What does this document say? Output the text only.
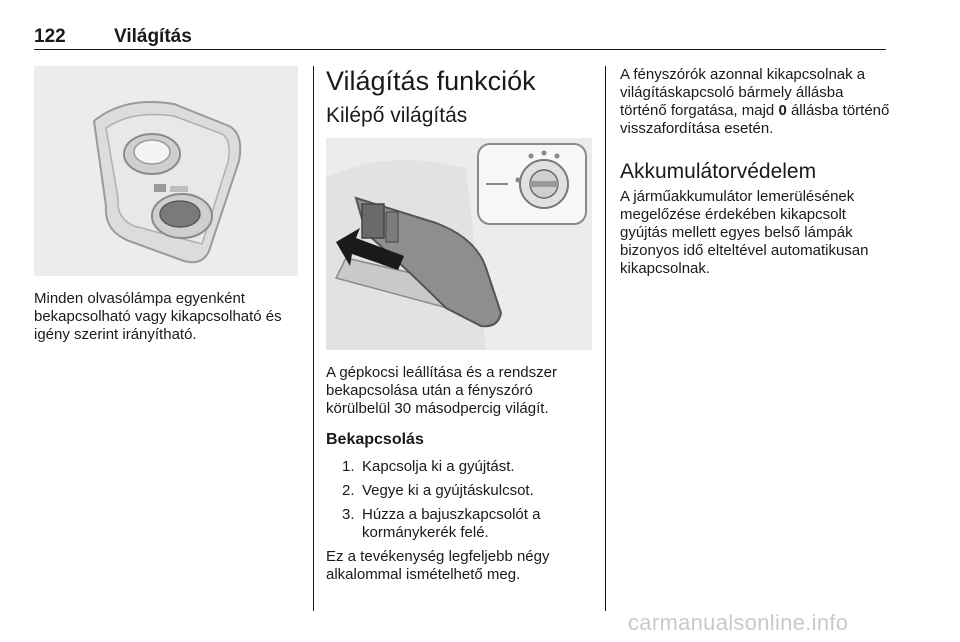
122	Világítás

Minden olvasólámpa egyenként bekapcsolható vagy kikapcsolható és igény szerint irányítható.

Világítás funkciók
Kilépő világítás

A gépkocsi leállítása és a rendszer bekapcsolása után a fényszóró körülbelül 30 másodpercig világít.

Bekapcsolás
1. Kapcsolja ki a gyújtást.
2. Vegye ki a gyújtáskulcsot.
3. Húzza a bajuszkapcsolót a kormánykerék felé.

Ez a tevékenység legfeljebb négy alkalommal ismételhető meg.

A fényszórók azonnal kikapcsolnak a világításkapcsoló bármely állásba történő forgatása, majd 0 állásba történő visszafordítása esetén.

Akkumulátorvédelem

A járműakkumulátor lemerülésének megelőzése érdekében kikapcsolt gyújtás mellett egyes belső lámpák bizonyos idő elteltével automatikusan kikapcsolnak.

carmanualsonline.info
